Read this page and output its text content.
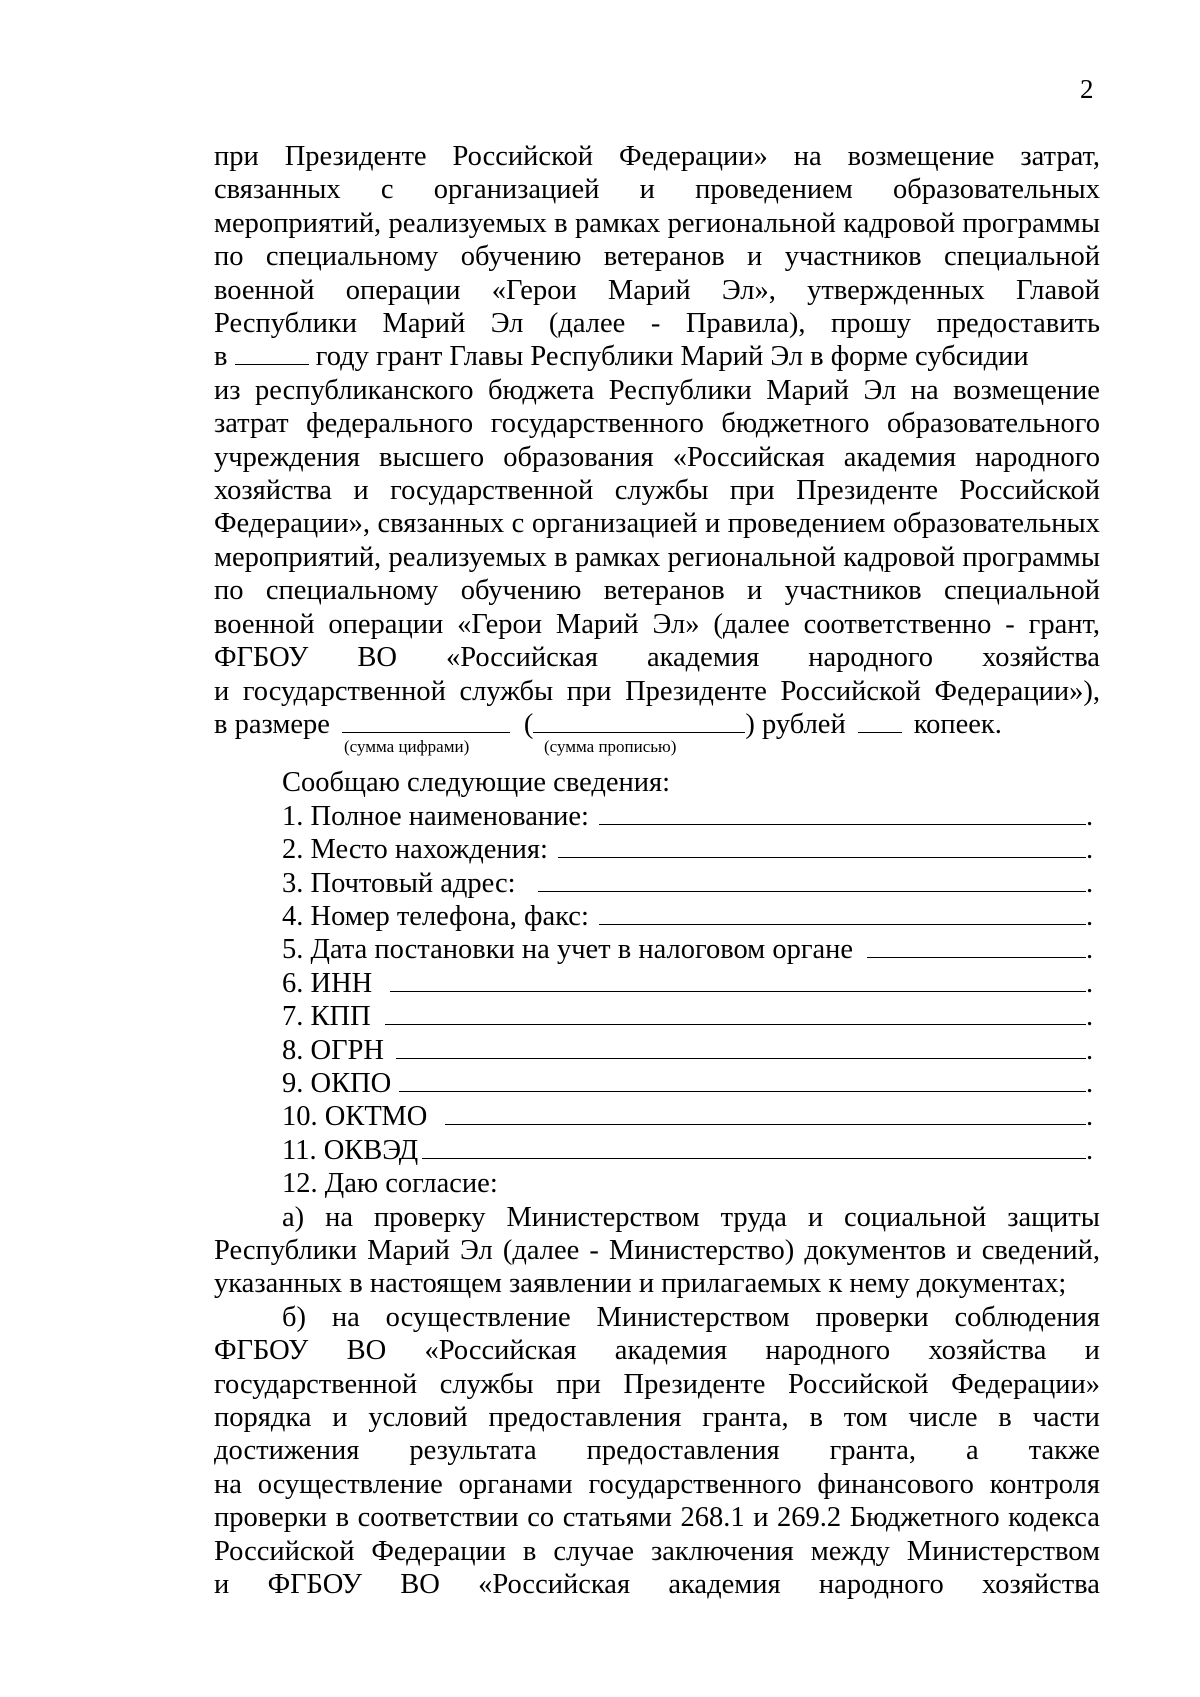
2
при Президенте Российской Федерации» на возмещение затрат,
связанных с организацией и проведением образовательных
мероприятий, реализуемых в рамках региональной кадровой программы
по специальному обучению ветеранов и участников специальной
военной операции «Герои Марий Эл», утвержденных Главой
Республики Марий Эл (далее - Правила), прошу предоставить
в	году грант Главы Республики Марий Эл в форме субсидии
из республиканского бюджета Республики Марий Эл на возмещение
затрат федерального государственного бюджетного образовательного
учреждения высшего образования «Российская академия народного
хозяйства и государственной службы при Президенте Российской
Федерации», связанных с организацией и проведением образовательных
мероприятий, реализуемых в рамках региональной кадровой программы
по специальному обучению ветеранов и участников специальной
военной операции «Герои Марий Эл» (далее соответственно - грант,
ФГБОУ ВО «Российская академия народного хозяйства
и государственной службы при Президенте Российской Федерации»),
в размере	(	) рублей копеек.
(сумма цифрами)	(сумма прописью)
Сообщаю следующие сведения:
1. Полное наименование:	.
2. Место нахождения:	.
3. Почтовый адрес:	.
4. Номер телефона, факс:	.
5. Дата постановки на учет в налоговом органе	.
6. ИНН	.
7. КПП	.
8. ОГРН	.
9. ОКПО	.
10. ОКТМО	.
11. ОКВЭД	.
12. Даю согласие:
а) на проверку Министерством труда и социальной защиты
Республики Марий Эл (далее - Министерство) документов и сведений,
указанных в настоящем заявлении и прилагаемых к нему документах;
б) на осуществление Министерством проверки соблюдения
ФГБОУ ВО «Российская академия народного хозяйства и
государственной службы при Президенте Российской Федерации»
порядка и условий предоставления гранта, в том числе в части
достижения результата предоставления гранта, а также
на осуществление органами государственного финансового контроля
проверки в соответствии со статьями 268.1 и 269.2 Бюджетного кодекса
Российской Федерации в случае заключения между Министерством
и ФГБОУ ВО «Российская академия народного хозяйства
